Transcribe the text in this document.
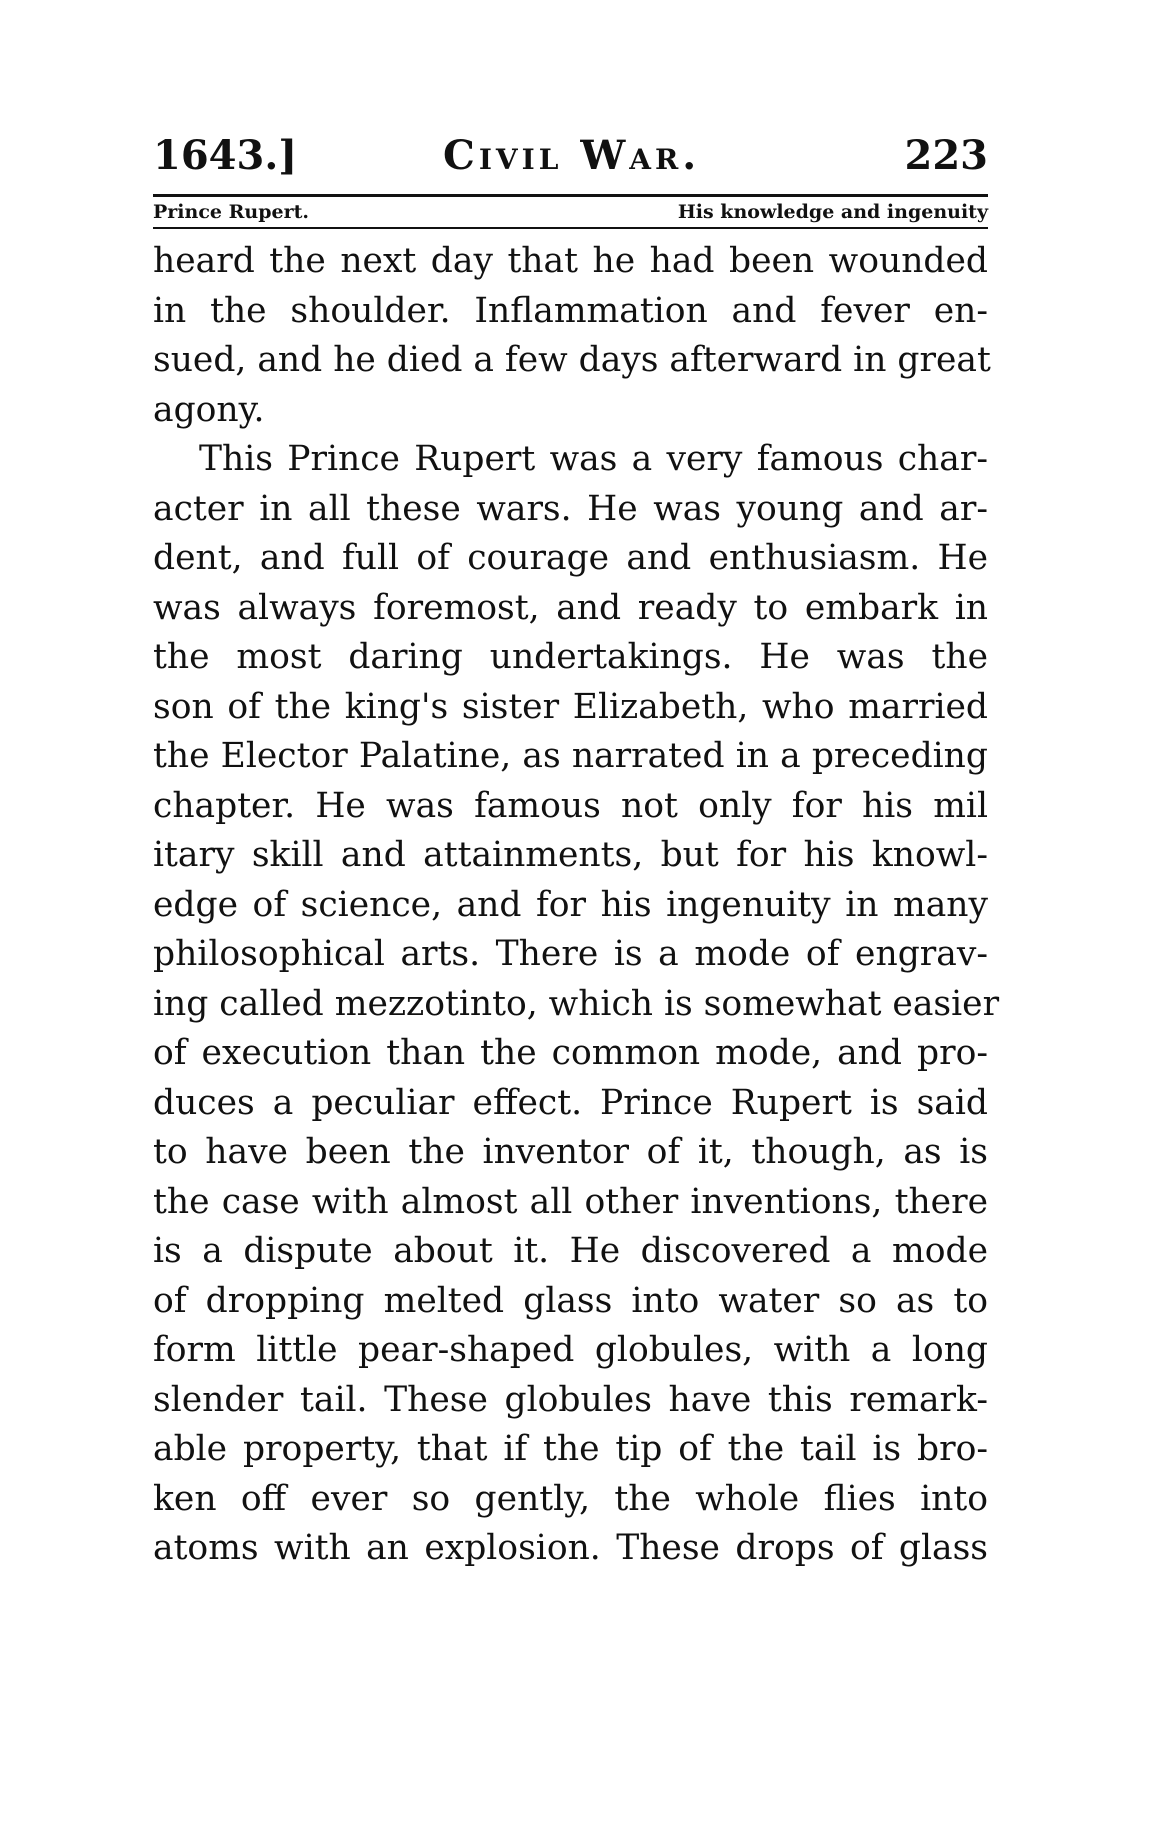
1643.]	Civil War.	223
Prince Rupert.	His knowledge and ingenuity
heard the next day that he had been wounded
in the shoulder. Inflammation and fever en-
sued, and he died a few days afterward in great
agony.
This Prince Rupert was a very famous char-
acter in all these wars. He was young and ar-
dent, and full of courage and enthusiasm. He
was always foremost, and ready to embark in
the most daring undertakings. He was the
son of the king's sister Elizabeth, who married
the Elector Palatine, as narrated in a preceding
chapter. He was famous not only for his mil
itary skill and attainments, but for his knowl-
edge of science, and for his ingenuity in many
philosophical arts. There is a mode of engrav-
ing called mezzotinto, which is somewhat easier
of execution than the common mode, and pro-
duces a peculiar effect. Prince Rupert is said
to have been the inventor of it, though, as is
the case with almost all other inventions, there
is a dispute about it. He discovered a mode
of dropping melted glass into water so as to
form little pear-shaped globules, with a long
slender tail. These globules have this remark-
able property, that if the tip of the tail is bro-
ken off ever so gently, the whole flies into
atoms with an explosion. These drops of glass
